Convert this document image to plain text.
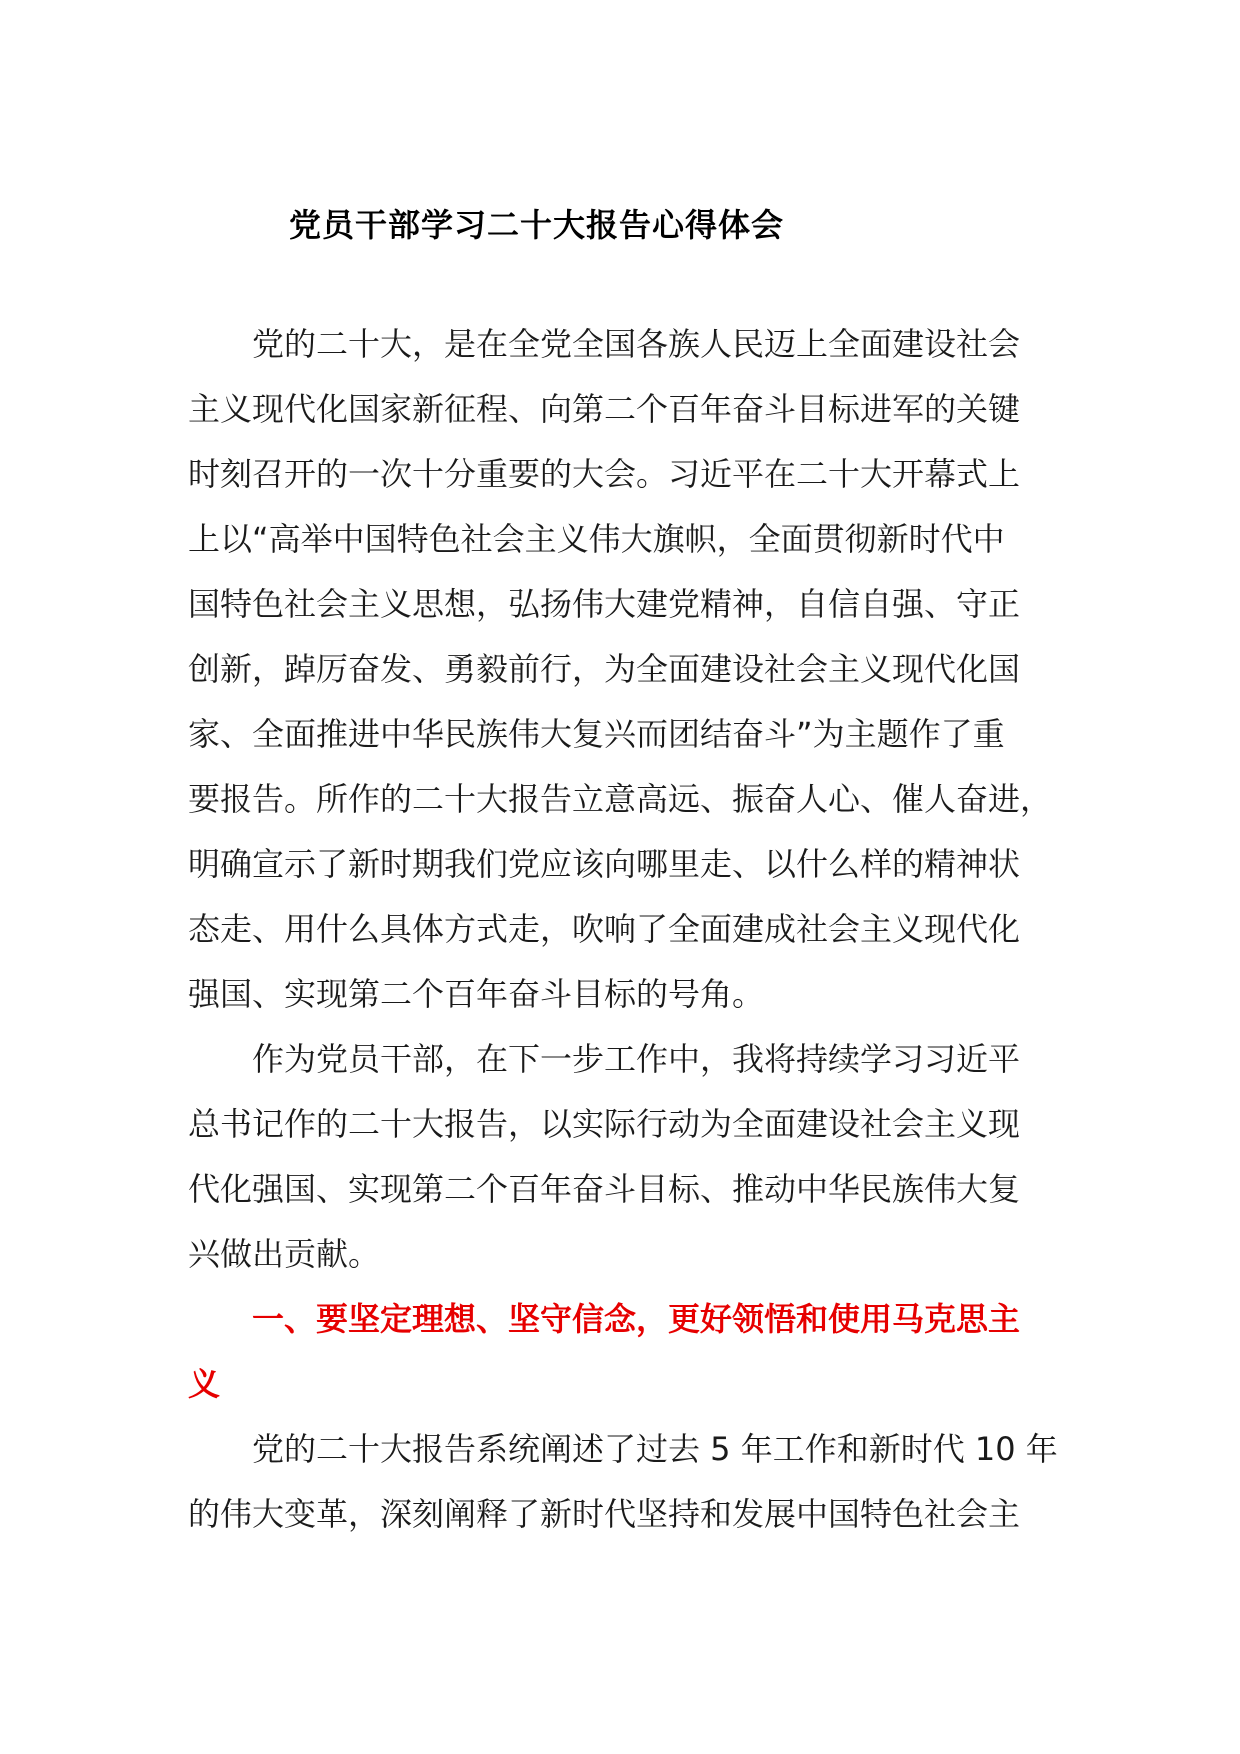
党员干部学习二十大报告心得体会

党的二十大，是在全党全国各族人民迈上全面建设社会
主义现代化国家新征程、向第二个百年奋斗目标进军的关键
时刻召开的一次十分重要的大会。习近平在二十大开幕式上
上以“高举中国特色社会主义伟大旗帜，全面贯彻新时代中
国特色社会主义思想，弘扬伟大建党精神，自信自强、守正
创新，踔厉奋发、勇毅前行，为全面建设社会主义现代化国
家、全面推进中华民族伟大复兴而团结奋斗”为主题作了重
要报告。所作的二十大报告立意高远、振奋人心、催人奋进，
明确宣示了新时期我们党应该向哪里走、以什么样的精神状
态走、用什么具体方式走，吹响了全面建成社会主义现代化
强国、实现第二个百年奋斗目标的号角。

作为党员干部，在下一步工作中，我将持续学习习近平
总书记作的二十大报告，以实际行动为全面建设社会主义现
代化强国、实现第二个百年奋斗目标、推动中华民族伟大复
兴做出贡献。

一、要坚定理想、坚守信念，更好领悟和使用马克思主
义

党的二十大报告系统阐述了过去 5 年工作和新时代 10 年
的伟大变革，深刻阐释了新时代坚持和发展中国特色社会主
